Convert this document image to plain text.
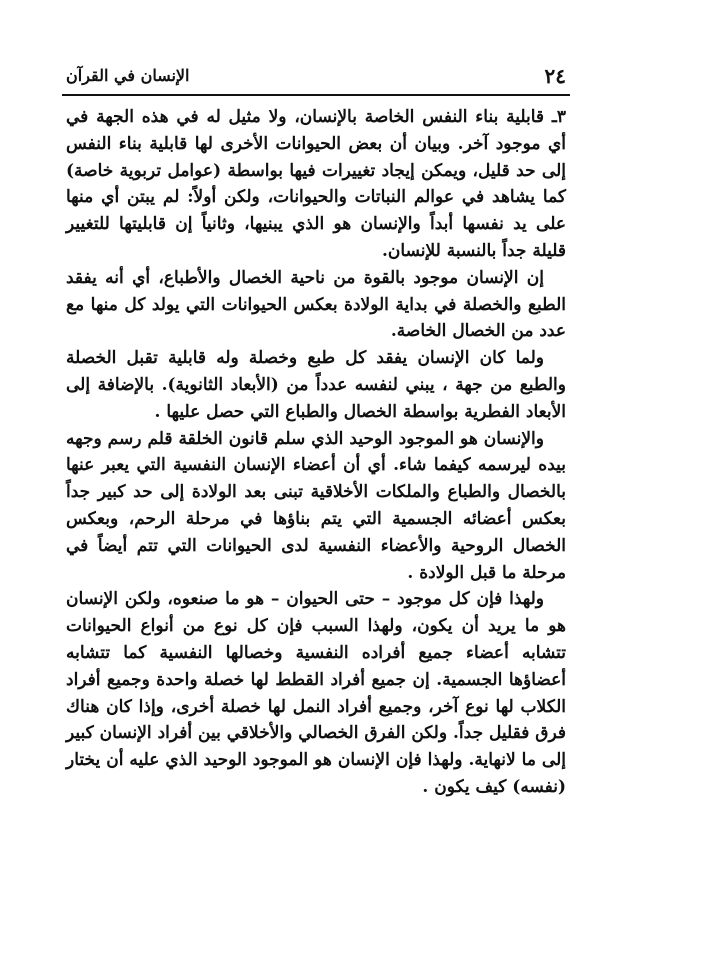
٢٤
الإنسان في القرآن

٣ـ قابلية بناء النفس الخاصة بالإنسان، ولا مثيل له في هذه الجهة في أي موجود آخر. وبيان أن بعض الحيوانات الأخرى لها قابلية بناء النفس إلى حد قليل، ويمكن إيجاد تغييرات فيها بواسطة (عوامل تربوية خاصة) كما يشاهد في عوالم النباتات والحيوانات، ولكن أولاً: لم يبتن أي منها على يد نفسها أبداً والإنسان هو الذي يبنيها، وثانياً إن قابليتها للتغيير قليلة جداً بالنسبة للإنسان.

إن الإنسان موجود بالقوة من ناحية الخصال والأطباع، أي أنه يفقد الطبع والخصلة في بداية الولادة بعكس الحيوانات التي يولد كل منها مع عدد من الخصال الخاصة.

ولما كان الإنسان يفقد كل طبع وخصلة وله قابلية تقبل الخصلة والطبع من جهة ، يبني لنفسه عدداً من (الأبعاد الثانوية). بالإضافة إلى الأبعاد الفطرية بواسطة الخصال والطباع التي حصل عليها .

والإنسان هو الموجود الوحيد الذي سلم قانون الخلقة قلم رسم وجهه بيده ليرسمه كيفما شاء. أي أن أعضاء الإنسان النفسية التي يعبر عنها بالخصال والطباع والملكات الأخلاقية تبنى بعد الولادة إلى حد كبير جداً بعكس أعضائه الجسمية التي يتم بناؤها في مرحلة الرحم، وبعكس الخصال الروحية والأعضاء النفسية لدى الحيوانات التي تتم أيضاً في مرحلة ما قبل الولادة .

ولهذا فإن كل موجود – حتى الحيوان – هو ما صنعوه، ولكن الإنسان هو ما يريد أن يكون، ولهذا السبب فإن كل نوع من أنواع الحيوانات تتشابه أعضاء جميع أفراده النفسية وخصالها النفسية كما تتشابه أعضاؤها الجسمية. إن جميع أفراد القطط لها خصلة واحدة وجميع أفراد الكلاب لها نوع آخر، وجميع أفراد النمل لها خصلة أخرى، وإذا كان هناك فرق فقليل جداً. ولكن الفرق الخصالي والأخلاقي بين أفراد الإنسان كبير إلى ما لانهاية. ولهذا فإن الإنسان هو الموجود الوحيد الذي عليه أن يختار (نفسه) كيف يكون .
